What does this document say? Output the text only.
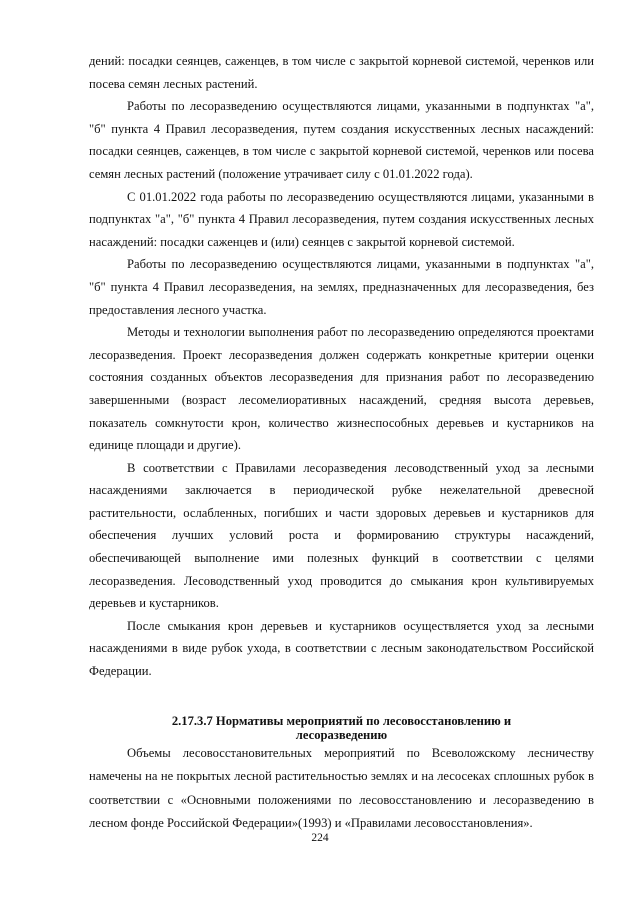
дений: посадки сеянцев, саженцев, в том числе с закрытой корневой системой, черенков или посева семян лесных растений.

Работы по лесоразведению осуществляются лицами, указанными в подпунктах "а", "б" пункта 4 Правил лесоразведения, путем создания искусственных лесных насаждений: посадки сеянцев, саженцев, в том числе с закрытой корневой системой, черенков или посева семян лесных растений (положение утрачивает силу с 01.01.2022 года).

С 01.01.2022 года работы по лесоразведению осуществляются лицами, указанными в подпунктах "а", "б" пункта 4 Правил лесоразведения, путем создания искусственных лесных насаждений: посадки саженцев и (или) сеянцев с закрытой корневой системой.

Работы по лесоразведению осуществляются лицами, указанными в подпунктах "а", "б" пункта 4 Правил лесоразведения, на землях, предназначенных для лесоразведения, без предоставления лесного участка.

Методы и технологии выполнения работ по лесоразведению определяются проектами лесоразведения. Проект лесоразведения должен содержать конкретные критерии оценки состояния созданных объектов лесоразведения для признания работ по лесоразведению завершенными (возраст лесомелиоративных насаждений, средняя высота деревьев, показатель сомкнутости крон, количество жизнеспособных деревьев и кустарников на единице площади и другие).

В соответствии с Правилами лесоразведения лесоводственный уход за лесными насаждениями заключается в периодической рубке нежелательной древесной растительности, ослабленных, погибших и части здоровых деревьев и кустарников для обеспечения лучших условий роста и формированию структуры насаждений, обеспечивающей выполнение ими полезных функций в соответствии с целями лесоразведения. Лесоводственный уход проводится до смыкания крон культивируемых деревьев и кустарников.

После смыкания крон деревьев и кустарников осуществляется уход за лесными насаждениями в виде рубок ухода, в соответствии с лесным законодательством Российской Федерации.

2.17.3.7 Нормативы мероприятий по лесовосстановлению и лесоразведению

Объемы лесовосстановительных мероприятий по Всеволожскому лесничеству намечены на не покрытых лесной растительностью землях и на лесосеках сплошных рубок в соответствии с «Основными положениями по лесовосстановлению и лесоразведению в лесном фонде Российской Федерации»(1993) и «Правилами лесовосстановления».

224
